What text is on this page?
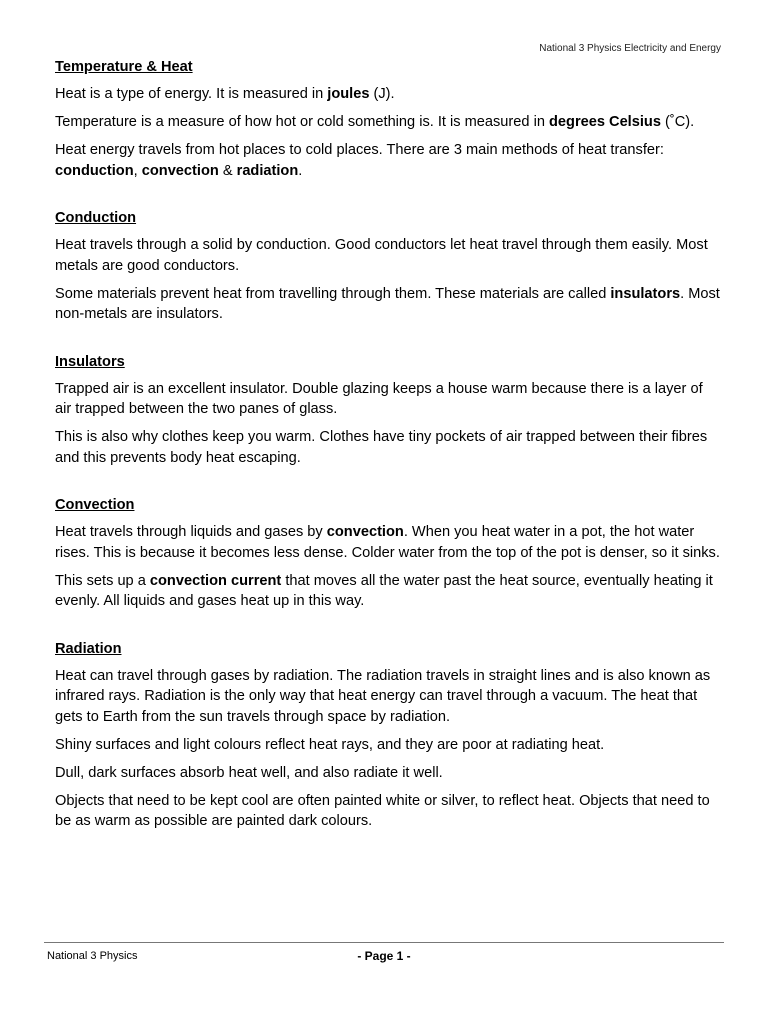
National 3 Physics Electricity and Energy
Temperature & Heat

Heat is a type of energy. It is measured in joules (J).

Temperature is a measure of how hot or cold something is. It is measured in degrees Celsius (˚C).

Heat energy travels from hot places to cold places. There are 3 main methods of heat transfer: conduction, convection & radiation.

Conduction

Heat travels through a solid by conduction. Good conductors let heat travel through them easily. Most metals are good conductors.

Some materials prevent heat from travelling through them. These materials are called insulators. Most non-metals are insulators.

Insulators

Trapped air is an excellent insulator. Double glazing keeps a house warm because there is a layer of air trapped between the two panes of glass.

This is also why clothes keep you warm. Clothes have tiny pockets of air trapped between their fibres and this prevents body heat escaping.

Convection

Heat travels through liquids and gases by convection. When you heat water in a pot, the hot water rises. This is because it becomes less dense. Colder water from the top of the pot is denser, so it sinks.

This sets up a convection current that moves all the water past the heat source, eventually heating it evenly. All liquids and gases heat up in this way.

Radiation

Heat can travel through gases by radiation. The radiation travels in straight lines and is also known as infrared rays. Radiation is the only way that heat energy can travel through a vacuum. The heat that gets to Earth from the sun travels through space by radiation.

Shiny surfaces and light colours reflect heat rays, and they are poor at radiating heat.

Dull, dark surfaces absorb heat well, and also radiate it well.

Objects that need to be kept cool are often painted white or silver, to reflect heat. Objects that need to be as warm as possible are painted dark colours.

National 3 Physics	- Page 1 -
